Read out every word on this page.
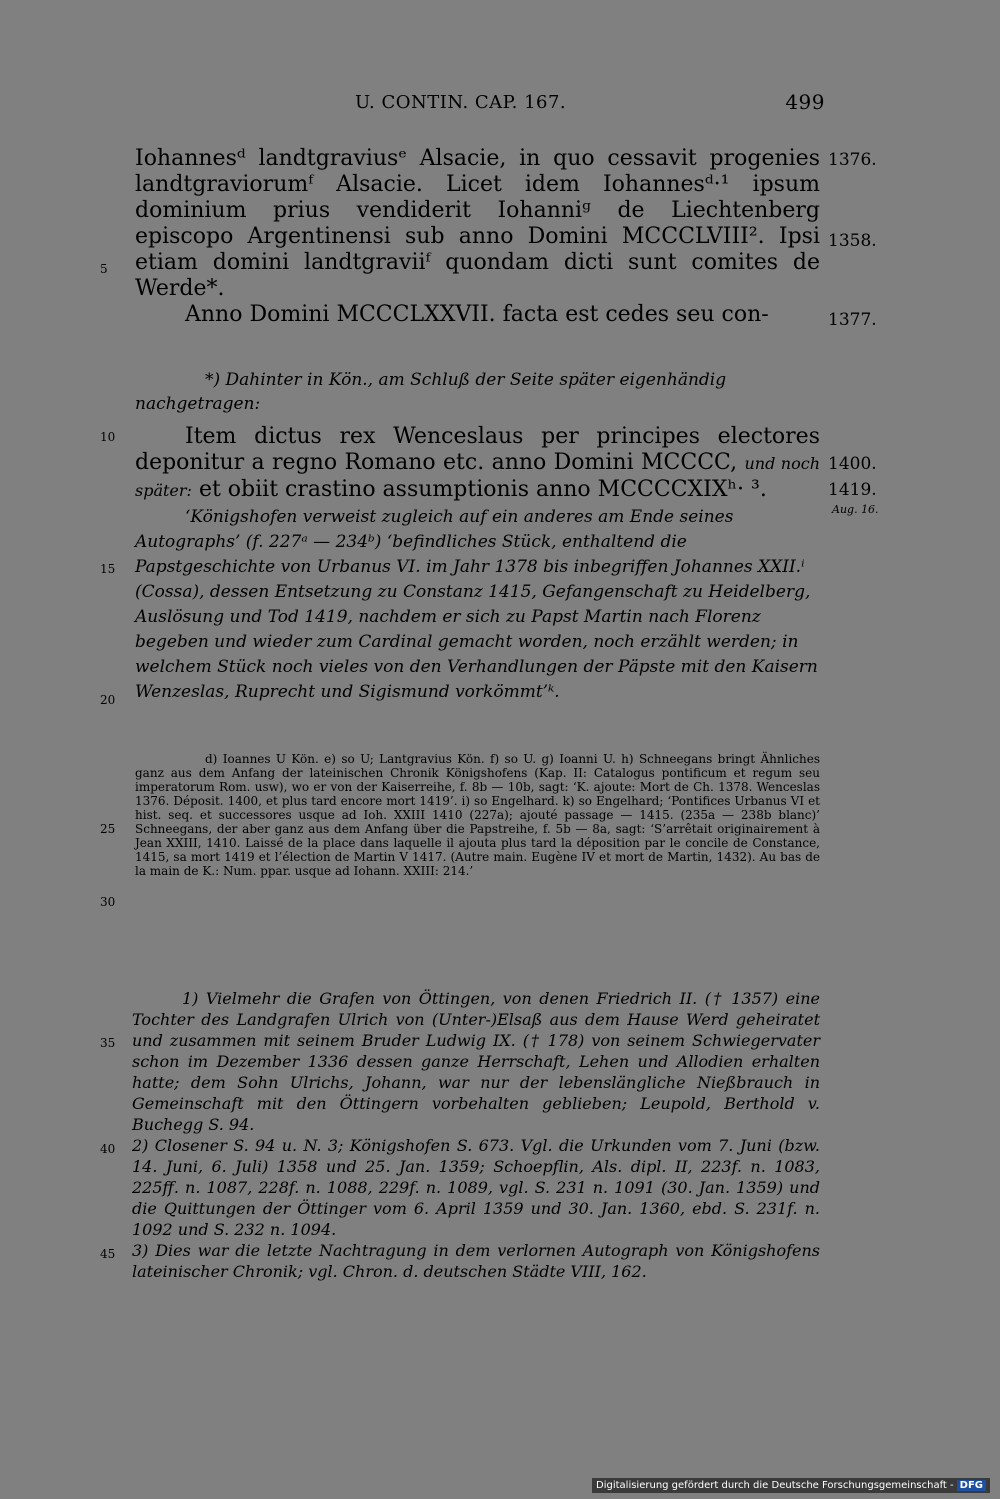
U. CONTIN. CAP. 167.	499

Iohannesᵈ landtgraviusᵉ Alsacie, in quo cessavit progenies landtgraviorumᶠ Alsacie. Licet idem Iohannesᵈ·¹ ipsum dominium prius vendiderit Iohanniᵍ de Liechtenberg episcopo Argentinensi sub anno Domini MCCCLVIII². Ipsi etiam domini landtgraviiᶠ quondam dicti sunt comites de Werde*.

Anno Domini MCCCLXXVII. facta est cedes seu con-

1376.
1358.
1377.
1400.
1419.
Aug. 16.
5
10
15
20
25
30
35
40
45
*) Dahinter in Kön., am Schluß der Seite später eigenhändig nachgetragen:

Item dictus rex Wenceslaus per principes electores deponitur a regno Romano etc. anno Domini MCCCC, und noch später: et obiit crastino assumptionis anno MCCCCXIXʰ· ³.

‘Königshofen verweist zugleich auf ein anderes am Ende seines Autographs’ (f. 227ᵃ — 234ᵇ) ‘befindliches Stück, enthaltend die Papstgeschichte von Urbanus VI. im Jahr 1378 bis inbegriffen Johannes XXII.ⁱ (Cossa), dessen Entsetzung zu Constanz 1415, Gefangenschaft zu Heidelberg, Auslösung und Tod 1419, nachdem er sich zu Papst Martin nach Florenz begeben und wieder zum Cardinal gemacht worden, noch erzählt werden; in welchem Stück noch vieles von den Verhandlungen der Päpste mit den Kaisern Wenzeslas, Ruprecht und Sigismund vorkömmt’ᵏ.
d) Ioannes U Kön. e) so U; Lantgravius Kön. f) so U. g) Ioanni U. h) Schneegans bringt Ähnliches ganz aus dem Anfang der lateinischen Chronik Königshofens (Kap. II: Catalogus pontificum et regum seu imperatorum Rom. usw), wo er von der Kaiserreihe, f. 8b — 10b, sagt: ‘K. ajoute: Mort de Ch. 1378. Wenceslas 1376. Déposit. 1400, et plus tard encore mort 1419’. i) so Engelhard. k) so Engelhard; ‘Pontifices Urbanus VI et hist. seq. et successores usque ad Ioh. XXIII 1410 (227a); ajouté passage — 1415. (235a — 238b blanc)’ Schneegans, der aber ganz aus dem Anfang über die Papstreihe, f. 5b — 8a, sagt: ‘S’arrêtait originairement à Jean XXIII, 1410. Laissé de la place dans laquelle il ajouta plus tard la déposition par le concile de Constance, 1415, sa mort 1419 et l’élection de Martin V 1417. (Autre main. Eugène IV et mort de Martin, 1432). Au bas de la main de K.: Num. ppar. usque ad Iohann. XXIII: 214.’

1) Vielmehr die Grafen von Öttingen, von denen Friedrich II. († 1357) eine Tochter des Landgrafen Ulrich von (Unter-)Elsaß aus dem Hause Werd geheiratet und zusammen mit seinem Bruder Ludwig IX. († 178) von seinem Schwiegervater schon im Dezember 1336 dessen ganze Herrschaft, Lehen und Allodien erhalten hatte; dem Sohn Ulrichs, Johann, war nur der lebenslängliche Nießbrauch in Gemeinschaft mit den Öttingern vorbehalten geblieben; Leupold, Berthold v. Buchegg S. 94.

2) Closener S. 94 u. N. 3; Königshofen S. 673. Vgl. die Urkunden vom 7. Juni (bzw. 14. Juni, 6. Juli) 1358 und 25. Jan. 1359; Schoepflin, Als. dipl. II, 223f. n. 1083, 225ff. n. 1087, 228f. n. 1088, 229f. n. 1089, vgl. S. 231 n. 1091 (30. Jan. 1359) und die Quittungen der Öttinger vom 6. April 1359 und 30. Jan. 1360, ebd. S. 231f. n. 1092 und S. 232 n. 1094.

3) Dies war die letzte Nachtragung in dem verlornen Autograph von Königshofens lateinischer Chronik; vgl. Chron. d. deutschen Städte VIII, 162.

Digitalisierung gefördert durch die Deutsche Forschungsgemeinschaft - DFG
